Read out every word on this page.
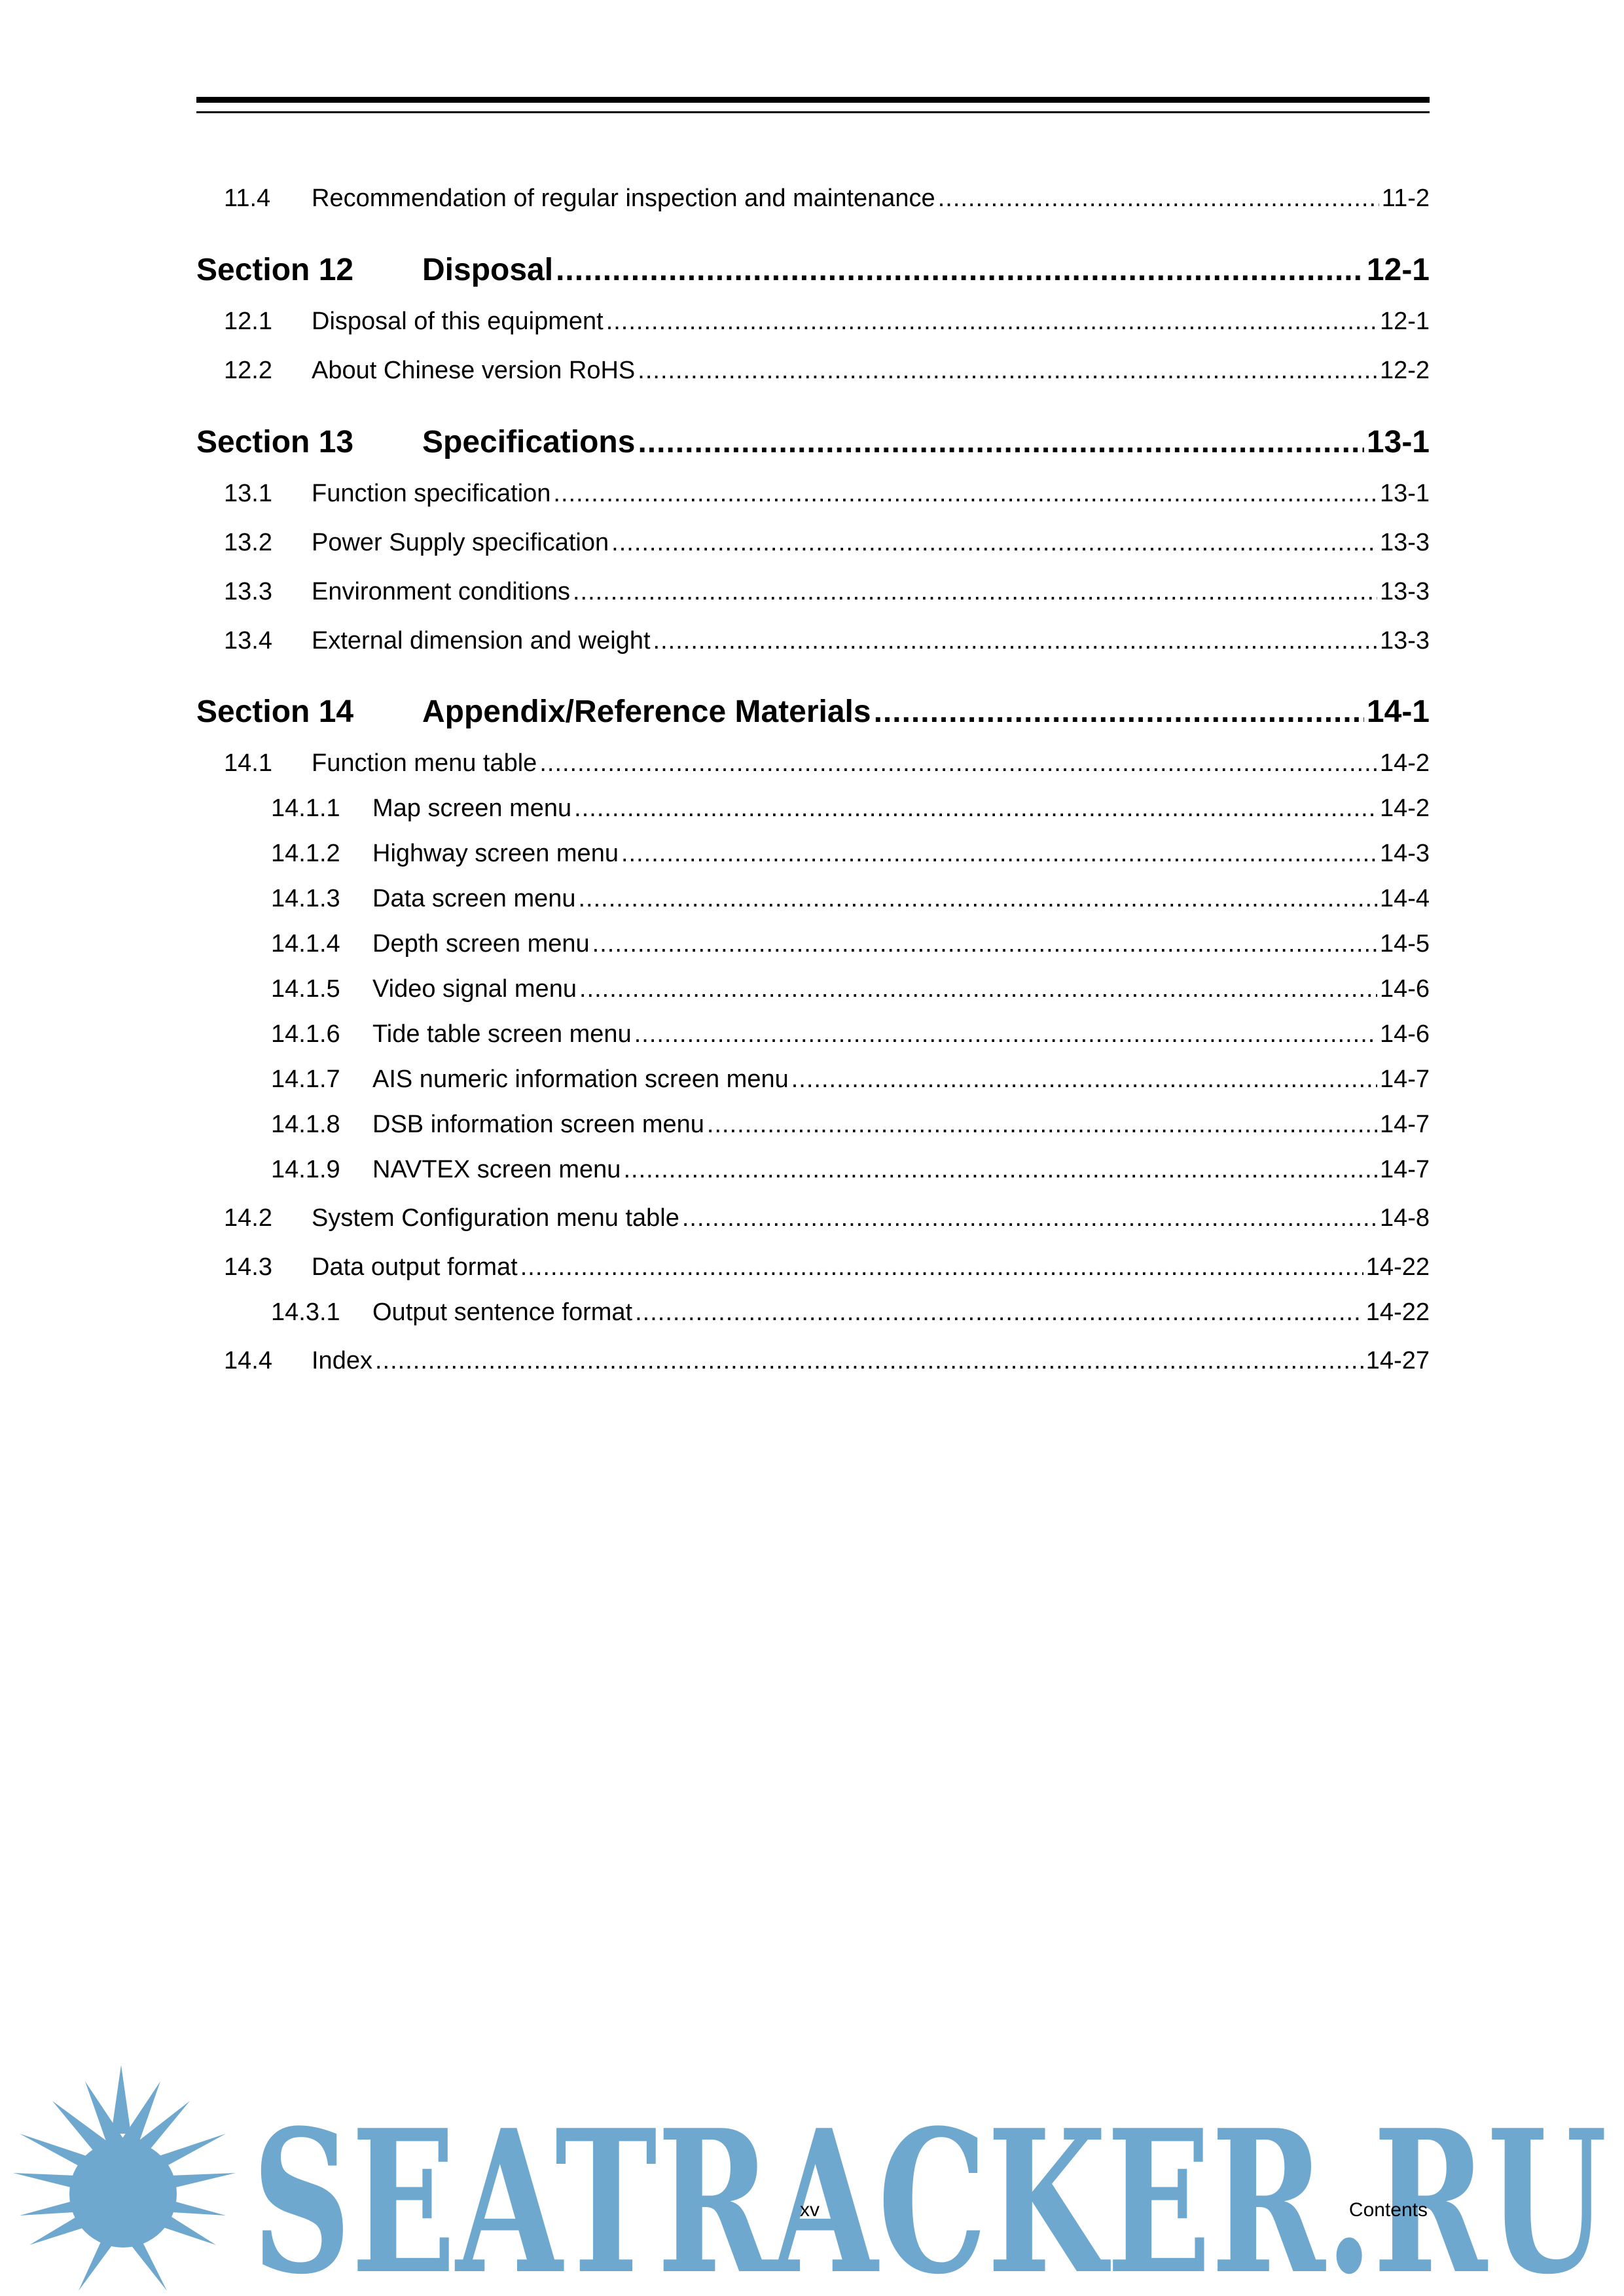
11.4	Recommendation of regular inspection and maintenance .....	11-2
Section 12	Disposal .....	12-1
12.1	Disposal of this equipment .....	12-1
12.2	About Chinese version RoHS .....	12-2
Section 13	Specifications .....	13-1
13.1	Function specification .....	13-1
13.2	Power Supply specification .....	13-3
13.3	Environment conditions .....	13-3
13.4	External dimension and weight .....	13-3
Section 14	Appendix/Reference Materials .....	14-1
14.1	Function menu table .....	14-2
14.1.1	Map screen menu .....	14-2
14.1.2	Highway screen menu .....	14-3
14.1.3	Data screen menu .....	14-4
14.1.4	Depth screen menu .....	14-5
14.1.5	Video signal menu .....	14-6
14.1.6	Tide table screen menu .....	14-6
14.1.7	AIS numeric information screen menu .....	14-7
14.1.8	DSB information screen menu .....	14-7
14.1.9	NAVTEX screen menu .....	14-7
14.2	System Configuration menu table .....	14-8
14.3	Data output format .....	14-22
14.3.1	Output sentence format .....	14-22
14.4	Index .....	14-27
SEATRACKER.RU
xv	Contents
